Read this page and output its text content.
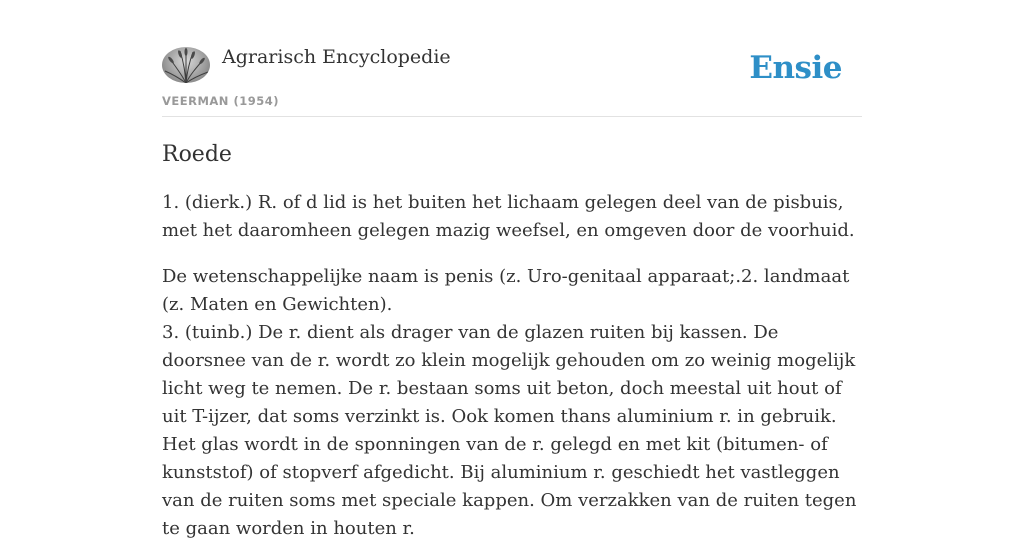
Agrarisch Encyclopedie
VEERMAN (1954)
Ensie
Roede

1. (dierk.) R. of d lid is het buiten het lichaam gelegen deel van de pisbuis, met het daaromheen gelegen mazig weefsel, en omgeven door de voorhuid.

De wetenschappelijke naam is penis (z. Uro-genitaal apparaat;.2. landmaat (z. Maten en Gewichten).
3. (tuinb.) De r. dient als drager van de glazen ruiten bij kassen. De doorsnee van de r. wordt zo klein mogelijk gehouden om zo weinig mogelijk licht weg te nemen. De r. bestaan soms uit beton, doch meestal uit hout of uit T-ijzer, dat soms verzinkt is. Ook komen thans aluminium r. in gebruik. Het glas wordt in de sponningen van de r. gelegd en met kit (bitumen- of kunststof) of stopverf afgedicht. Bij aluminium r. geschiedt het vastleggen van de ruiten soms met speciale kappen. Om verzakken van de ruiten tegen te gaan worden in houten r.
